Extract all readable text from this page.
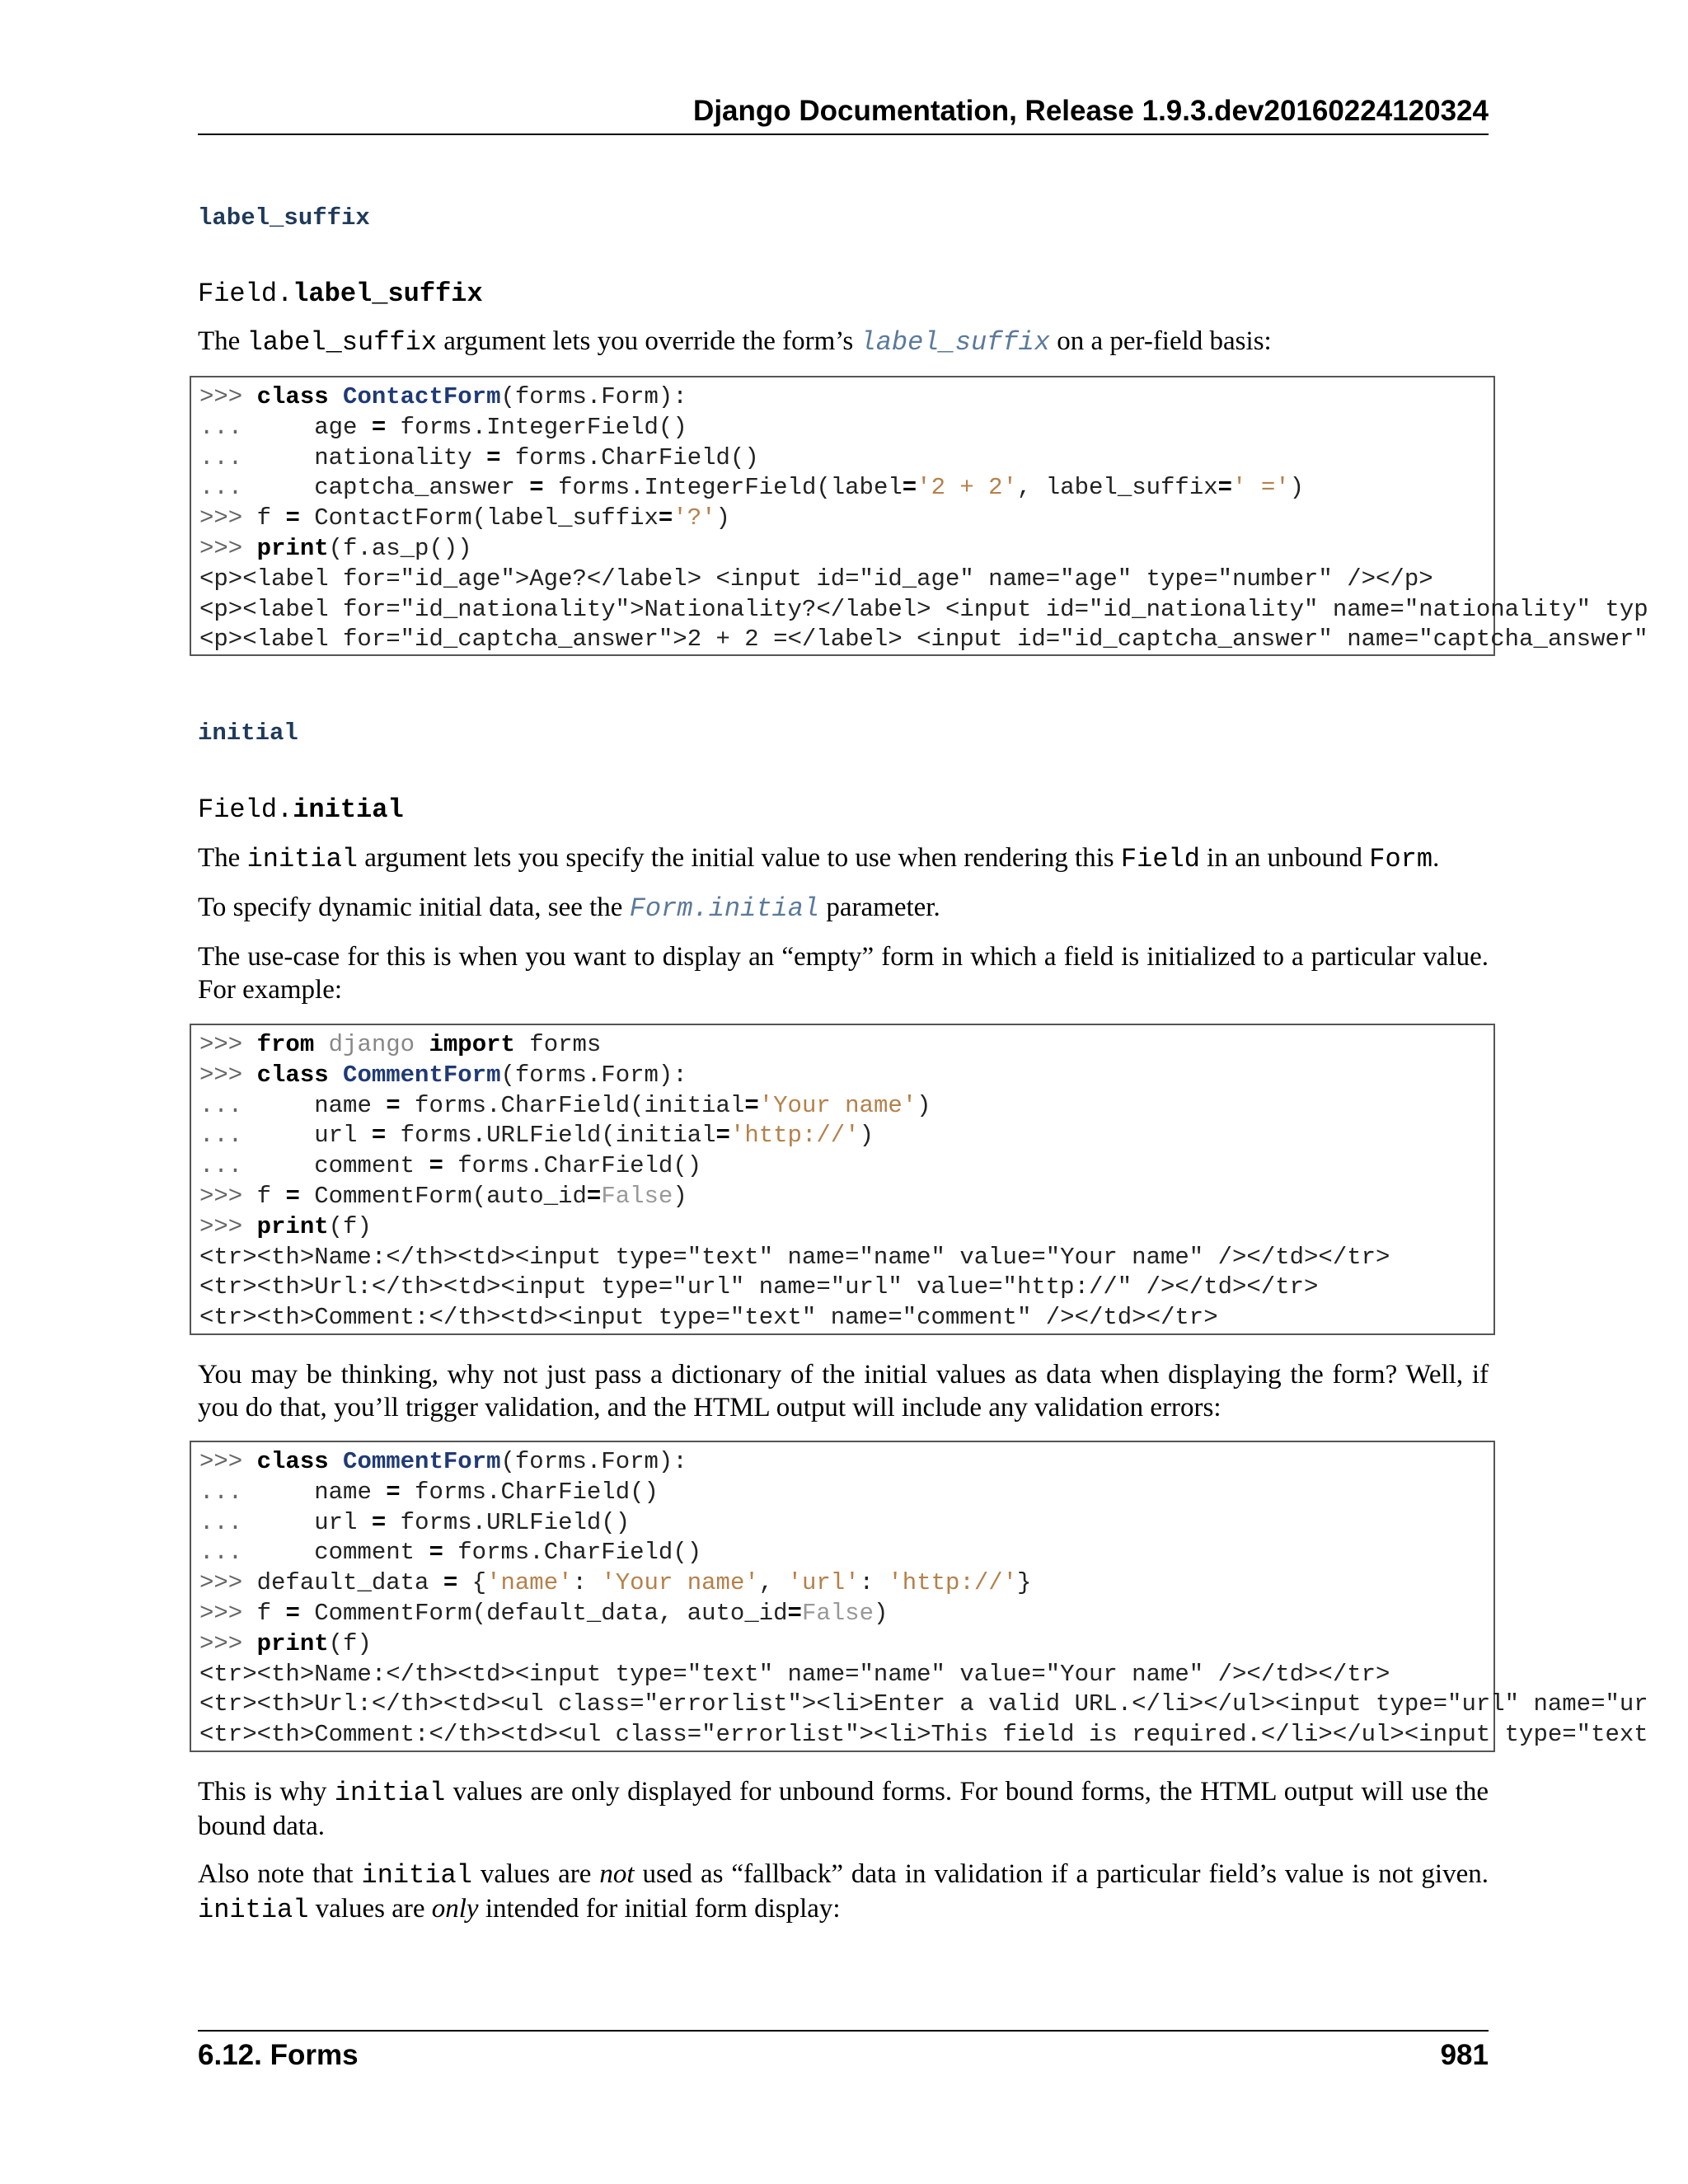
Django Documentation, Release 1.9.3.dev20160224120324
label_suffix
Field.label_suffix
The label_suffix argument lets you override the form’s label_suffix on a per-field basis:
>>> class ContactForm(forms.Form):
...     age = forms.IntegerField()
...     nationality = forms.CharField()
...     captcha_answer = forms.IntegerField(label='2 + 2', label_suffix=' =')
>>> f = ContactForm(label_suffix='?')
>>> print(f.as_p())
<p><label for="id_age">Age?</label> <input id="id_age" name="age" type="number" /></p>
<p><label for="id_nationality">Nationality?</label> <input id="id_nationality" name="nationality" typ
<p><label for="id_captcha_answer">2 + 2 =</label> <input id="id_captcha_answer" name="captcha_answer"
initial
Field.initial
The initial argument lets you specify the initial value to use when rendering this Field in an unbound Form.
To specify dynamic initial data, see the Form.initial parameter.
The use-case for this is when you want to display an “empty” form in which a field is initialized to a particular value. For example:
>>> from django import forms
>>> class CommentForm(forms.Form):
...     name = forms.CharField(initial='Your name')
...     url = forms.URLField(initial='http://')
...     comment = forms.CharField()
>>> f = CommentForm(auto_id=False)
>>> print(f)
<tr><th>Name:</th><td><input type="text" name="name" value="Your name" /></td></tr>
<tr><th>Url:</th><td><input type="url" name="url" value="http://" /></td></tr>
<tr><th>Comment:</th><td><input type="text" name="comment" /></td></tr>
You may be thinking, why not just pass a dictionary of the initial values as data when displaying the form? Well, if you do that, you’ll trigger validation, and the HTML output will include any validation errors:
>>> class CommentForm(forms.Form):
...     name = forms.CharField()
...     url = forms.URLField()
...     comment = forms.CharField()
>>> default_data = {'name': 'Your name', 'url': 'http://'}
>>> f = CommentForm(default_data, auto_id=False)
>>> print(f)
<tr><th>Name:</th><td><input type="text" name="name" value="Your name" /></td></tr>
<tr><th>Url:</th><td><ul class="errorlist"><li>Enter a valid URL.</li></ul><input type="url" name="ur
<tr><th>Comment:</th><td><ul class="errorlist"><li>This field is required.</li></ul><input type="text
This is why initial values are only displayed for unbound forms. For bound forms, the HTML output will use the bound data.
Also note that initial values are not used as “fallback” data in validation if a particular field’s value is not given. initial values are only intended for initial form display:
6.12. Forms	981
